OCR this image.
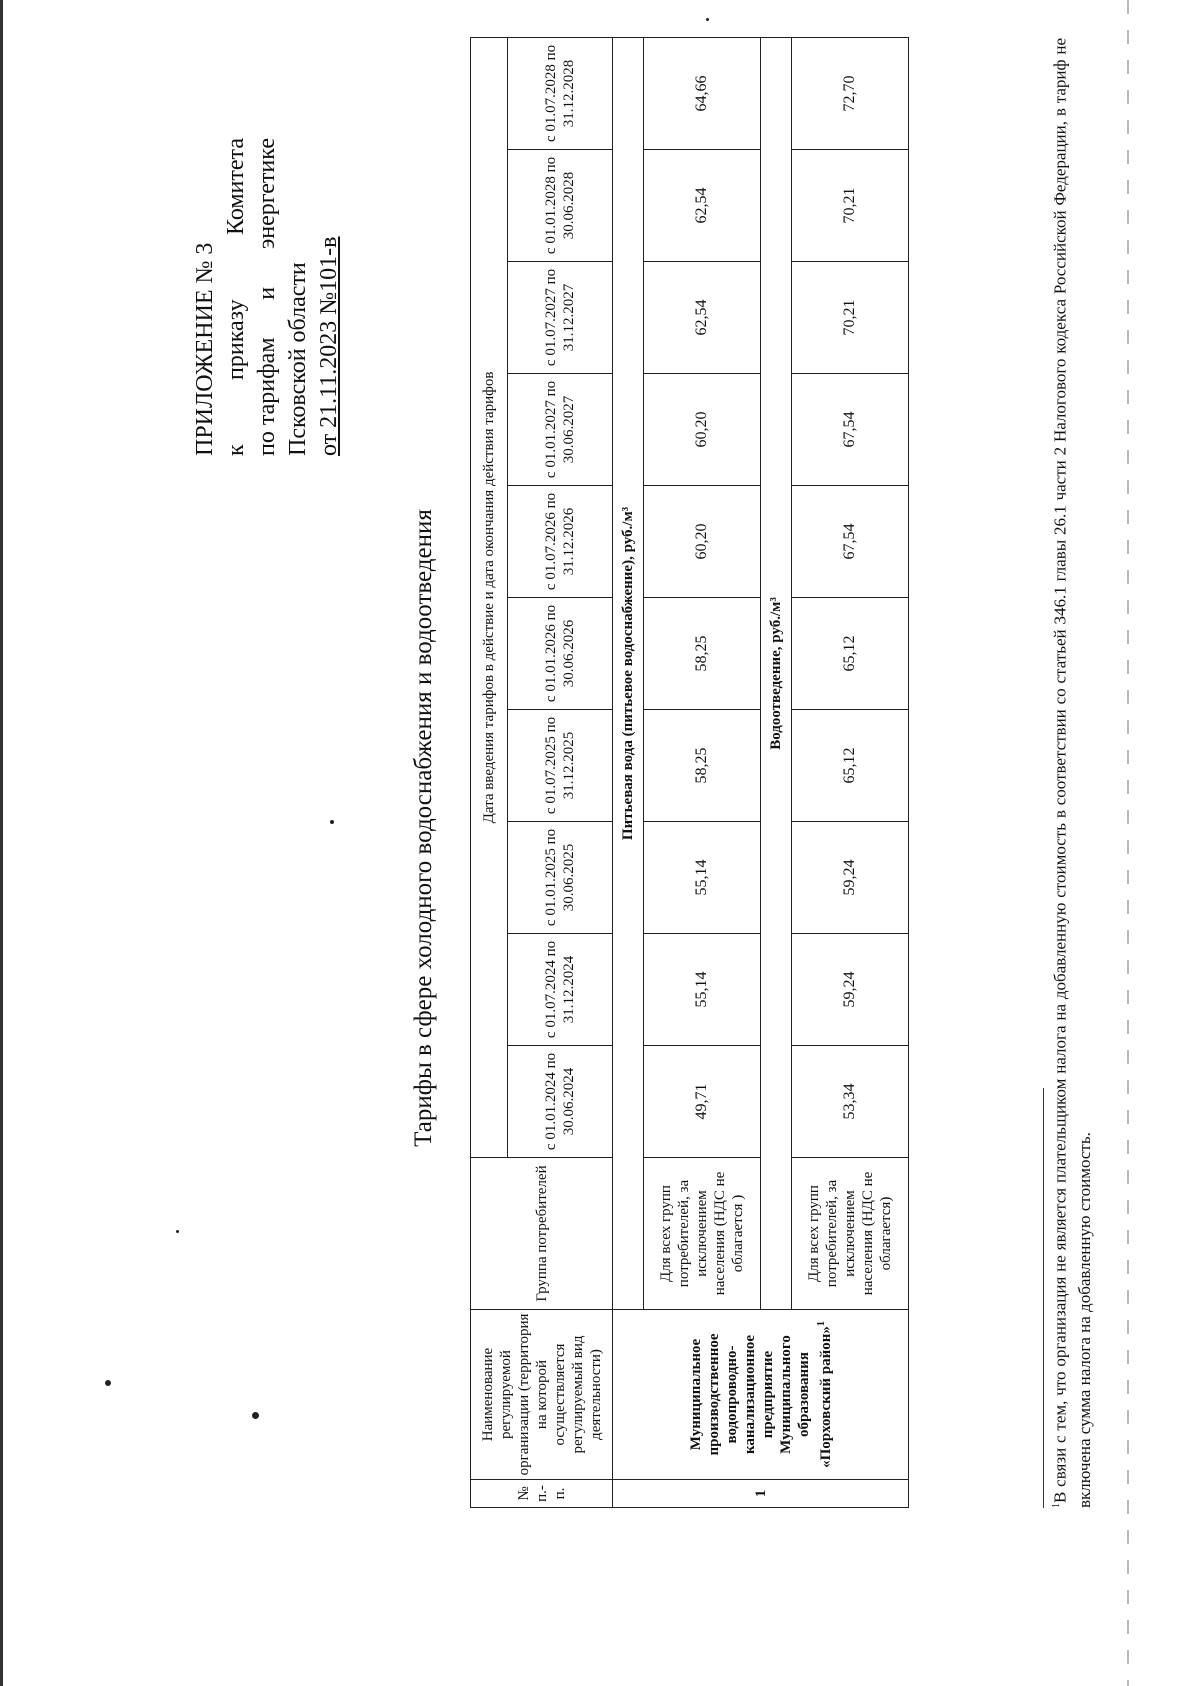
ПРИЛОЖЕНИЕ № 3 к
приказу
Комитета
по тарифам
и
энергетике
Псковской области от 21.11.2023 №101-в
Тарифы в сфере холодного водоснабжения и водоотведения
№ п.-п.	Наименование регулируемой организации (территория на которой осуществляется регулируемый вид деятельности)	Группа потребителей	Дата введения тарифов в действие и дата окончания действия тарифов									
			с 01.01.2024 по 30.06.2024	с 01.07.2024 по 31.12.2024	с 01.01.2025 по 30.06.2025	с 01.07.2025 по 31.12.2025	с 01.01.2026 по 30.06.2026	с 01.07.2026 по 31.12.2026	с 01.01.2027 по 30.06.2027	с 01.07.2027 по 31.12.2027	с 01.01.2028 по 30.06.2028	с 01.07.2028 по 31.12.2028
1	Муниципальное производственное водопроводно-канализационное предприятие Муниципального образования «Порховский район»$^1$	Питьевая вода (питьевое водоснабжение), руб./м³										
		Для всех групп потребителей, за исключением населения (НДС не облагается )	49,71	55,14	55,14	58,25	58,25	60,20	60,20	62,54	62,54	64,66
		Водоотведение, руб./м³										
		Для всех групп потребителей, за исключением населения (НДС не облагается)	53,34	59,24	59,24	65,12	65,12	67,54	67,54	70,21	70,21	72,70
$^1$В связи с тем, что организация не является плательщиком налога на добавленную стоимость в соответствии со статьей 346.1 главы 26.1 части 2 Налогового кодекса Российской Федерации, в тариф не включена сумма налога на добавленную стоимость.
